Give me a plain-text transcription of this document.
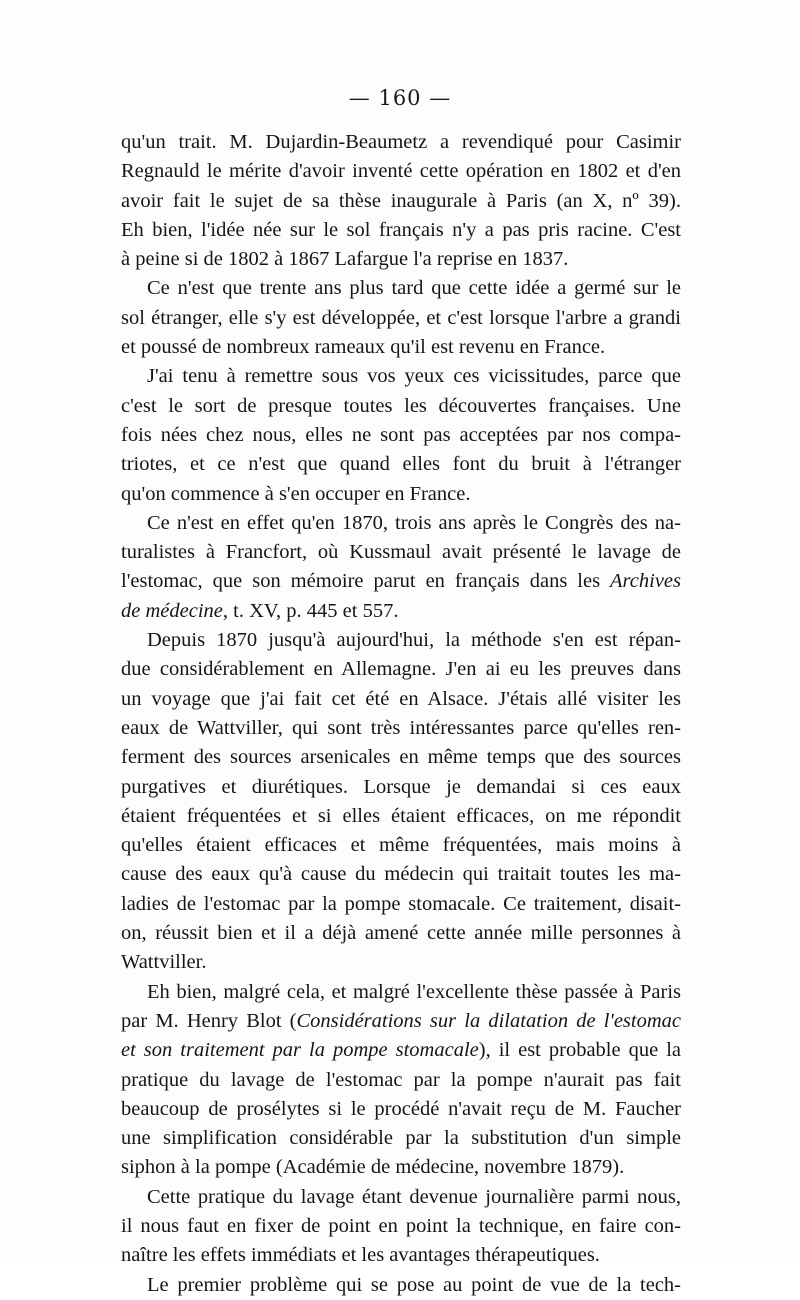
— 160 —
qu'un trait. M. Dujardin-Beaumetz a revendiqué pour Casimir
Regnauld le mérite d'avoir inventé cette opération en 1802 et d'en
avoir fait le sujet de sa thèse inaugurale à Paris (an X, nº 39).
Eh bien, l'idée née sur le sol français n'y a pas pris racine. C'est
à peine si de 1802 à 1867 Lafargue l'a reprise en 1837.
Ce n'est que trente ans plus tard que cette idée a germé sur le
sol étranger, elle s'y est développée, et c'est lorsque l'arbre a grandi
et poussé de nombreux rameaux qu'il est revenu en France.
J'ai tenu à remettre sous vos yeux ces vicissitudes, parce que
c'est le sort de presque toutes les découvertes françaises. Une
fois nées chez nous, elles ne sont pas acceptées par nos compa-
triotes, et ce n'est que quand elles font du bruit à l'étranger
qu'on commence à s'en occuper en France.
Ce n'est en effet qu'en 1870, trois ans après le Congrès des na-
turalistes à Francfort, où Kussmaul avait présenté le lavage de
l'estomac, que son mémoire parut en français dans les Archives
de médecine, t. XV, p. 445 et 557.
Depuis 1870 jusqu'à aujourd'hui, la méthode s'en est répan-
due considérablement en Allemagne. J'en ai eu les preuves dans
un voyage que j'ai fait cet été en Alsace. J'étais allé visiter les
eaux de Wattviller, qui sont très intéressantes parce qu'elles ren-
ferment des sources arsenicales en même temps que des sources
purgatives et diurétiques. Lorsque je demandai si ces eaux
étaient fréquentées et si elles étaient efficaces, on me répondit
qu'elles étaient efficaces et même fréquentées, mais moins à
cause des eaux qu'à cause du médecin qui traitait toutes les ma-
ladies de l'estomac par la pompe stomacale. Ce traitement, disait-
on, réussit bien et il a déjà amené cette année mille personnes à
Wattviller.
Eh bien, malgré cela, et malgré l'excellente thèse passée à Paris
par M. Henry Blot (Considérations sur la dilatation de l'estomac
et son traitement par la pompe stomacale), il est probable que la
pratique du lavage de l'estomac par la pompe n'aurait pas fait
beaucoup de prosélytes si le procédé n'avait reçu de M. Faucher
une simplification considérable par la substitution d'un simple
siphon à la pompe (Académie de médecine, novembre 1879).
Cette pratique du lavage étant devenue journalière parmi nous,
il nous faut en fixer de point en point la technique, en faire con-
naître les effets immédiats et les avantages thérapeutiques.
Le premier problème qui se pose au point de vue de la tech-
